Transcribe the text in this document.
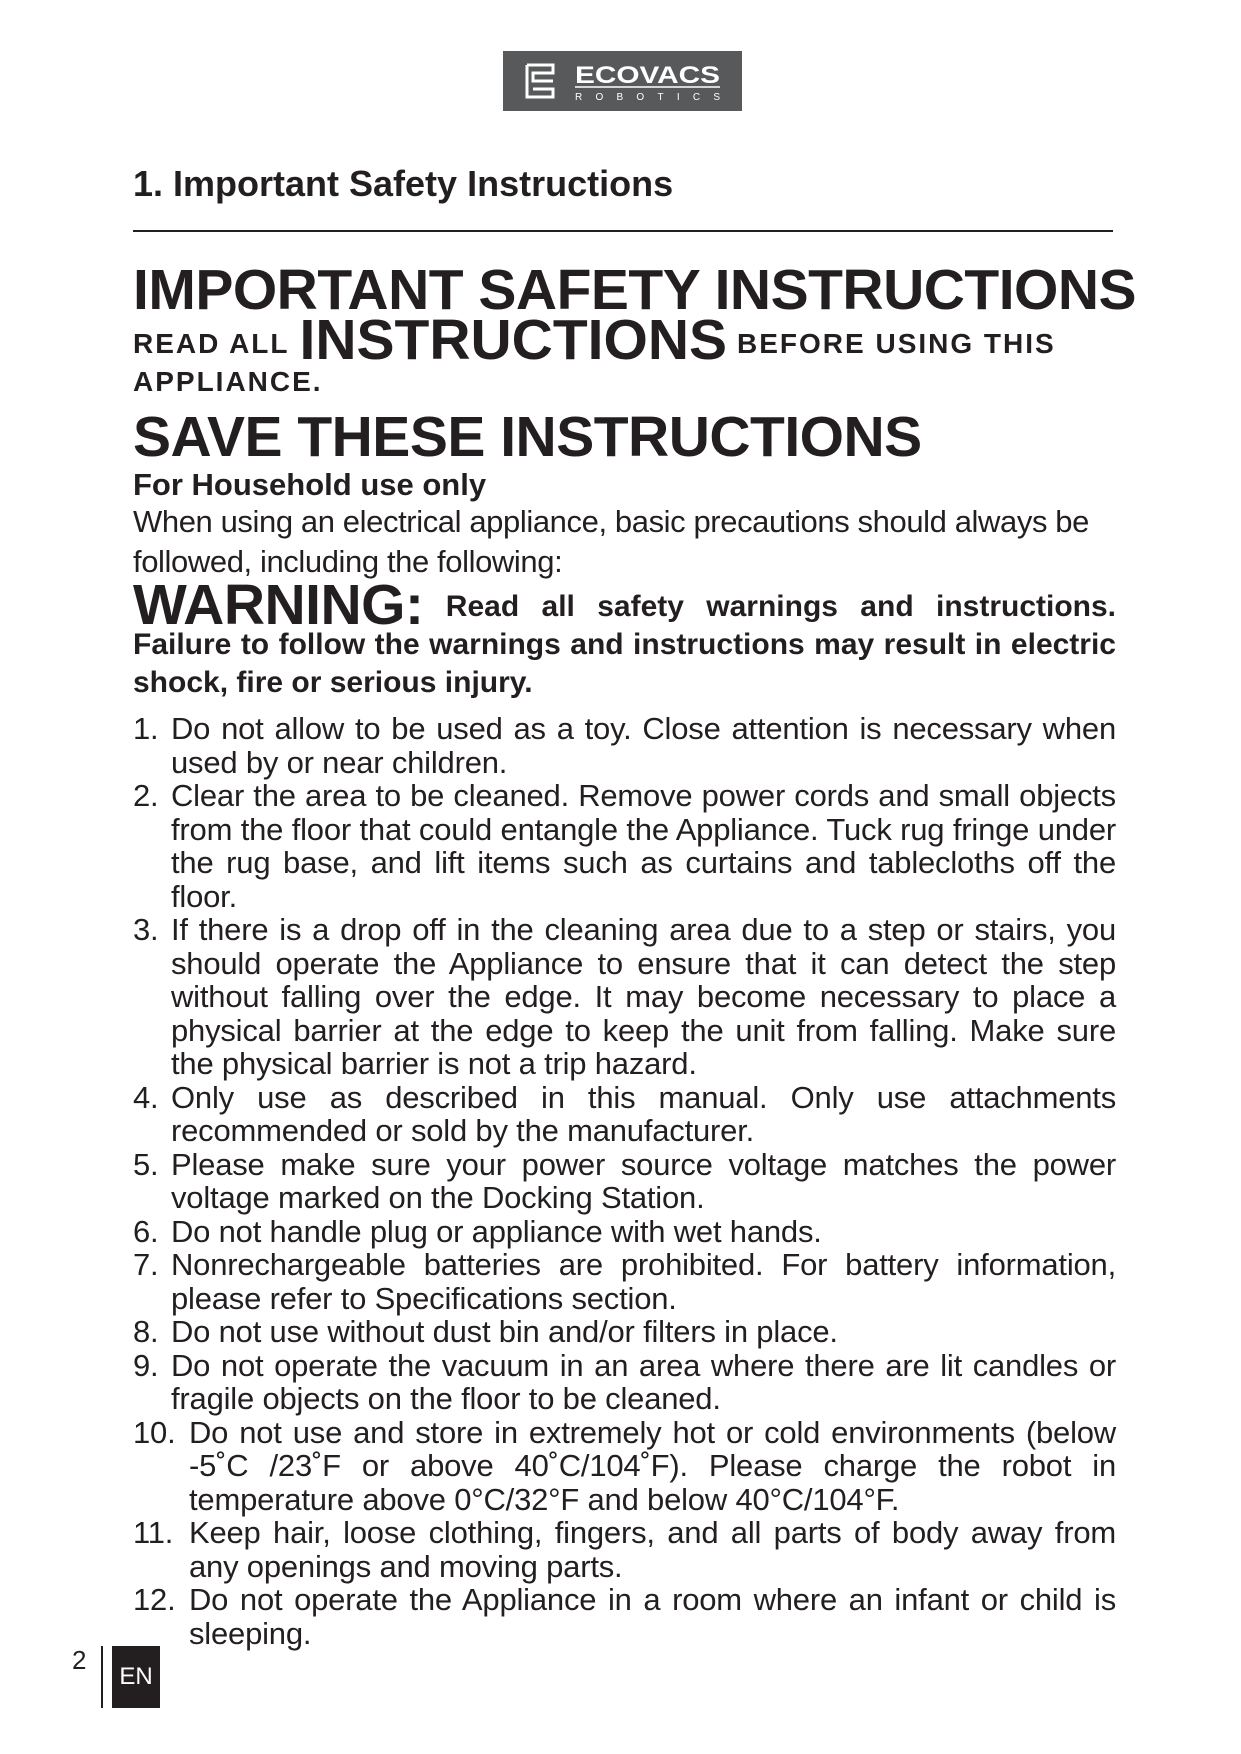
ECOVACS
ROBOTICS
1. Important Safety Instructions
IMPORTANT SAFETY INSTRUCTIONS
READ ALL INSTRUCTIONS BEFORE USING THIS APPLIANCE.
SAVE THESE INSTRUCTIONS

For Household use only

When using an electrical appliance, basic precautions should always be followed, including the following:

WARNING: Read all safety warnings and instructions. Failure to follow the warnings and instructions may result in electric shock, fire or serious injury.

1. Do not allow to be used as a toy. Close attention is necessary when used by or near children.
2. Clear the area to be cleaned. Remove power cords and small objects from the floor that could entangle the Appliance. Tuck rug fringe under the rug base, and lift items such as curtains and tablecloths off the floor.
3. If there is a drop off in the cleaning area due to a step or stairs, you should operate the Appliance to ensure that it can detect the step without falling over the edge. It may become necessary to place a physical barrier at the edge to keep the unit from falling. Make sure the physical barrier is not a trip hazard.
4. Only use as described in this manual. Only use attachments recommended or sold by the manufacturer.
5. Please make sure your power source voltage matches the power voltage marked on the Docking Station.
6. Do not handle plug or appliance with wet hands.
7. Nonrechargeable batteries are prohibited. For battery information, please refer to Specifications section.
8. Do not use without dust bin and/or filters in place.
9. Do not operate the vacuum in an area where there are lit candles or fragile objects on the floor to be cleaned.
10. Do not use and store in extremely hot or cold environments (below -5˚C /23˚F or above 40˚C/104˚F). Please charge the robot in temperature above 0°C/32°F and below 40°C/104°F.
11. Keep hair, loose clothing, fingers, and all parts of body away from any openings and moving parts.
12. Do not operate the Appliance in a room where an infant or child is sleeping.
2
EN
